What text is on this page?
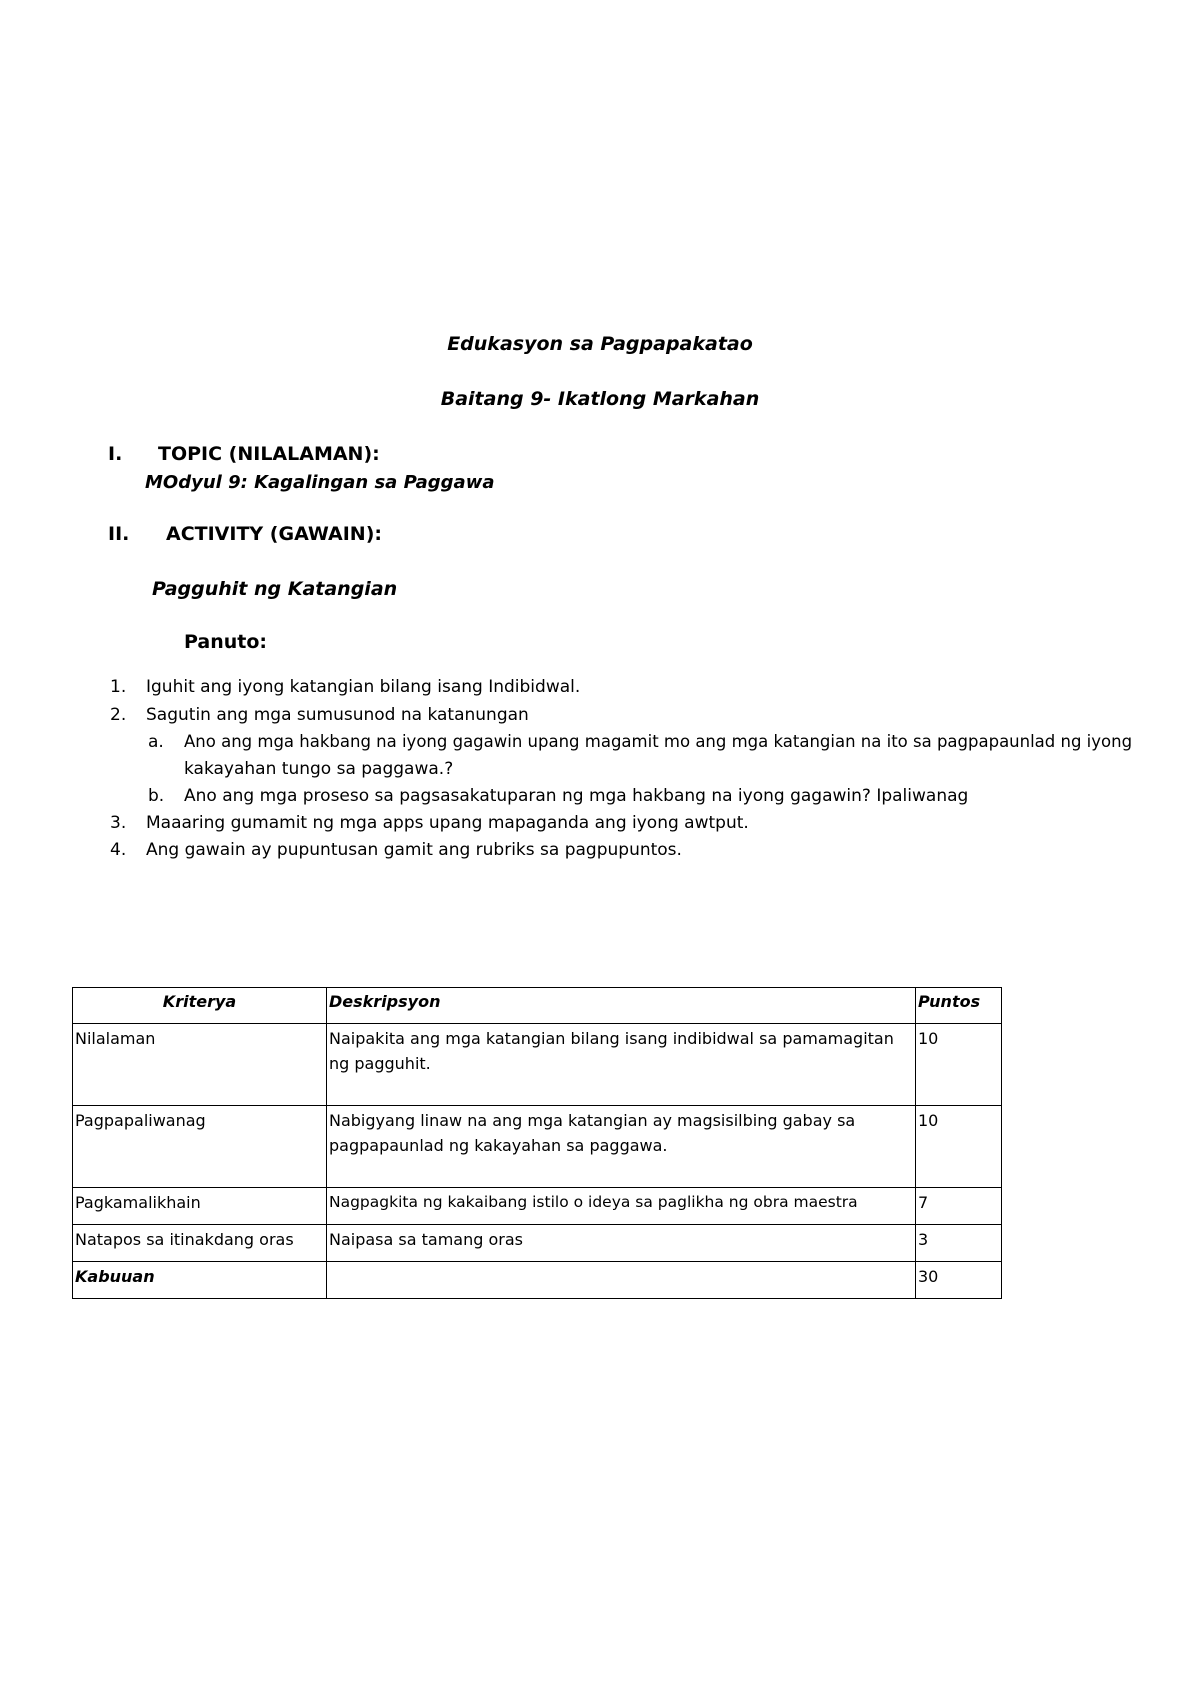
Edukasyon sa Pagpapakatao
Baitang 9- Ikatlong Markahan
I. TOPIC (NILALAMAN):
MOdyul 9: Kagalingan sa Paggawa
II. ACTIVITY (GAWAIN):
Pagguhit ng Katangian
Panuto:
1.	Iguhit ang iyong katangian bilang isang Indibidwal.
2.	Sagutin ang mga sumusunod na katanungan
a. Ano ang mga hakbang na iyong gagawin upang magamit mo ang mga katangian na ito sa pagpapaunlad ng iyong
kakayahan tungo sa paggawa.?
b. Ano ang mga proseso sa pagsasakatuparan ng mga hakbang na iyong gagawin? Ipaliwanag
3.	Maaaring gumamit ng mga apps upang mapaganda ang iyong awtput.
4.	Ang gawain ay pupuntusan gamit ang rubriks sa pagpupuntos.
Kriterya	Deskripsyon	Puntos
Nilalaman	Naipakita ang mga katangian bilang isang indibidwal sa pamamagitan ng pagguhit.	10
Pagpapaliwanag	Nabigyang linaw na ang mga katangian ay magsisilbing gabay sa pagpapaunlad ng kakayahan sa paggawa.	10
Pagkamalikhain	Nagpagkita ng kakaibang istilo o ideya sa paglikha ng obra maestra	7
Natapos sa itinakdang oras	Naipasa sa tamang oras	3
Kabuuan		30
